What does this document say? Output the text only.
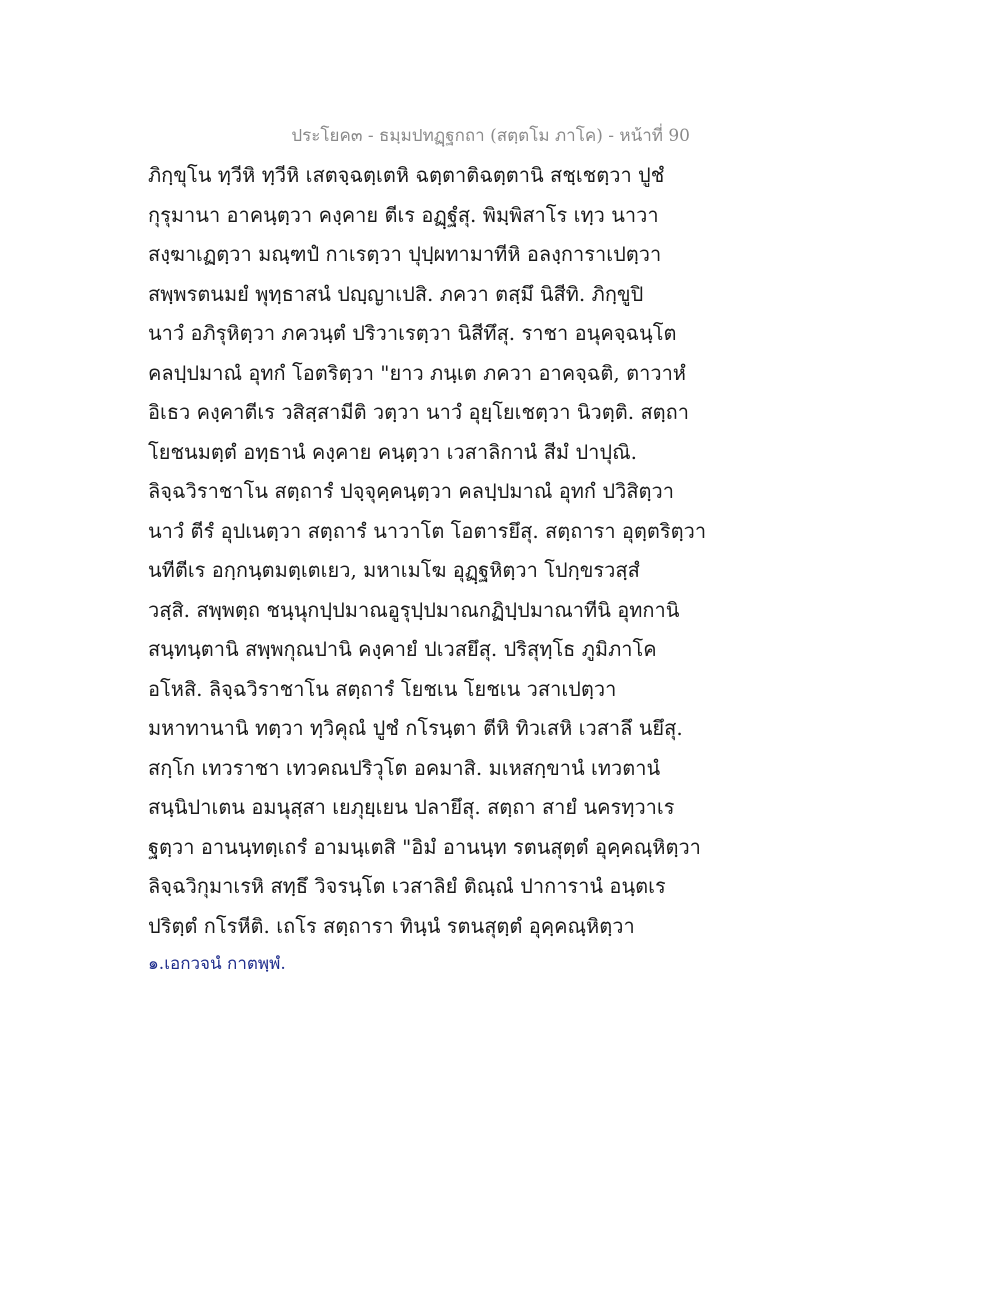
ประโยค๓ - ธมฺมปทฏฺฐกถา (สตฺตโม ภาโค) - หน้าที่ 90
ภิกฺขุโน ทฺวีหิ ทฺวีหิ เสตจฺฉตฺเตหิ ฉตฺตาติฉตฺตานิ สชฺเชตฺวา ปูชํ
กุรุมานา อาคนฺตฺวา คงฺคาย ตีเร อฏฺฐํสุ. พิมฺพิสาโร เทฺว นาวา
สงฺฆาเฏตฺวา มณฺฑปํ กาเรตฺวา ปุปฺผทามาทีหิ อลงฺการาเปตฺวา
สพฺพรตนมยํ พุทฺธาสนํ ปญฺญาเปสิ. ภควา ตสฺมึ นิสีทิ. ภิกฺขูปิ
นาวํ อภิรุหิตฺวา ภควนฺตํ ปริวาเรตฺวา นิสีทึสุ. ราชา อนุคจฺฉนฺโต
คลปฺปมาณํ อุทกํ โอตริตฺวา "ยาว ภนฺเต ภควา อาคจฺฉติ, ตาวาหํ
อิเธว คงฺคาตีเร วสิสฺสามีติ วตฺวา นาวํ อุยฺโยเชตฺวา นิวตฺติ. สตฺถา
โยชนมตฺตํ อทฺธานํ คงฺคาย คนฺตฺวา เวสาลิกานํ สีมํ ปาปุณิ.
ลิจฺฉวิราชาโน สตฺถารํ ปจฺจุคฺคนฺตฺวา คลปฺปมาณํ อุทกํ ปวิสิตฺวา
นาวํ ตีรํ อุปเนตฺวา สตฺถารํ นาวาโต โอตารยึสุ. สตฺถารา อุตฺตริตฺวา
นทีตีเร อกฺกนฺตมตฺเตเยว, มหาเมโฆ อุฏฺฐหิตฺวา โปกฺขรวสฺสํ
วสฺสิ. สพฺพตฺถ ชนฺนุกปฺปมาณอูรุปฺปมาณกฏิปฺปมาณาทีนิ อุทกานิ
สนฺทนฺตานิ สพฺพกุณปานิ คงฺคายํ ปเวสยึสุ. ปริสุทฺโธ ภูมิภาโค
อโหสิ. ลิจฺฉวิราชาโน สตฺถารํ โยชเน โยชเน วสาเปตฺวา
มหาทานานิ ทตฺวา ทฺวิคุณํ ปูชํ กโรนฺตา ตีหิ ทิวเสหิ เวสาลึ นยึสุ.
สกฺโก เทวราชา เทวคณปริวุโต อคมาสิ. มเหสกฺขานํ เทวตานํ
สนฺนิปาเตน อมนุสฺสา เยภุยฺเยน ปลายึสุ. สตฺถา สายํ นครทฺวาเร
ฐตฺวา อานนฺทตฺเถรํ อามนฺเตสิ "อิมํ อานนฺท รตนสุตฺตํ อุคฺคณฺหิตฺวา
ลิจฺฉวิกุมาเรหิ สทฺธึ วิจรนฺโต เวสาลิยํ ติณฺณํ ปาการานํ อนฺตเร
ปริตฺตํ กโรหีติ. เถโร สตฺถารา ทินฺนํ รตนสุตฺตํ อุคฺคณฺหิตฺวา
๑.เอกวจนํ กาตพฺพํ.
